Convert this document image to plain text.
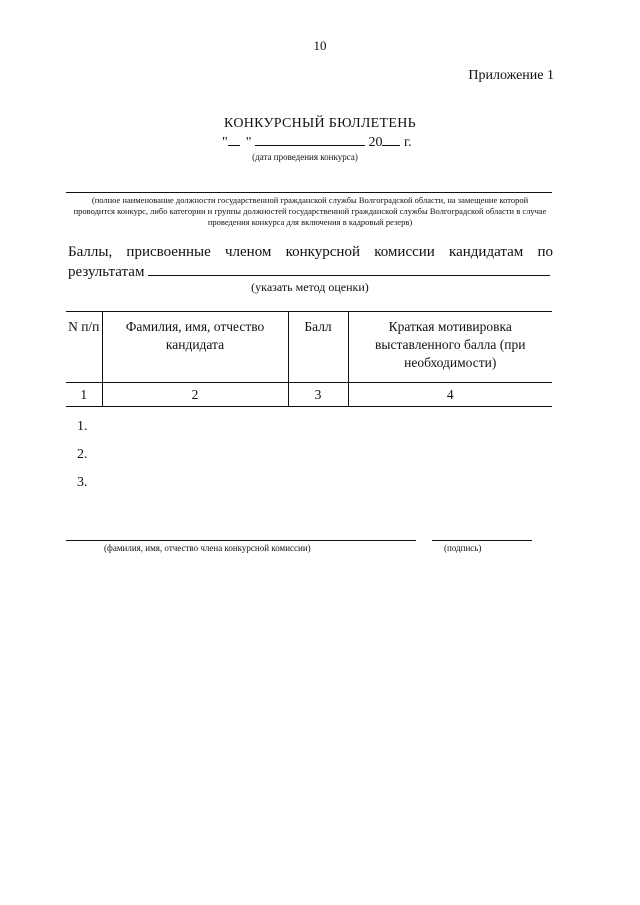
10
Приложение 1
КОНКУРСНЫЙ БЮЛЛЕТЕНЬ
" "	20 г.
(дата проведения конкурса)
(полное наименование должности государственной гражданской службы Волгоградской области, на замещение которой проводится конкурс, либо категории и группы должностей государственной гражданской службы Волгоградской области в случае проведения конкурса для включения в кадровый резерв)
Баллы, присвоенные членом конкурсной комиссии кандидатам по
результатам
(указать метод оценки)
N п/п	Фамилия, имя, отчество кандидата	Балл	Краткая мотивировка выставленного балла (при необходимости)
1	2	3	4
1.
2.
3.
(фамилия, имя, отчество члена конкурсной комиссии)	(подпись)
